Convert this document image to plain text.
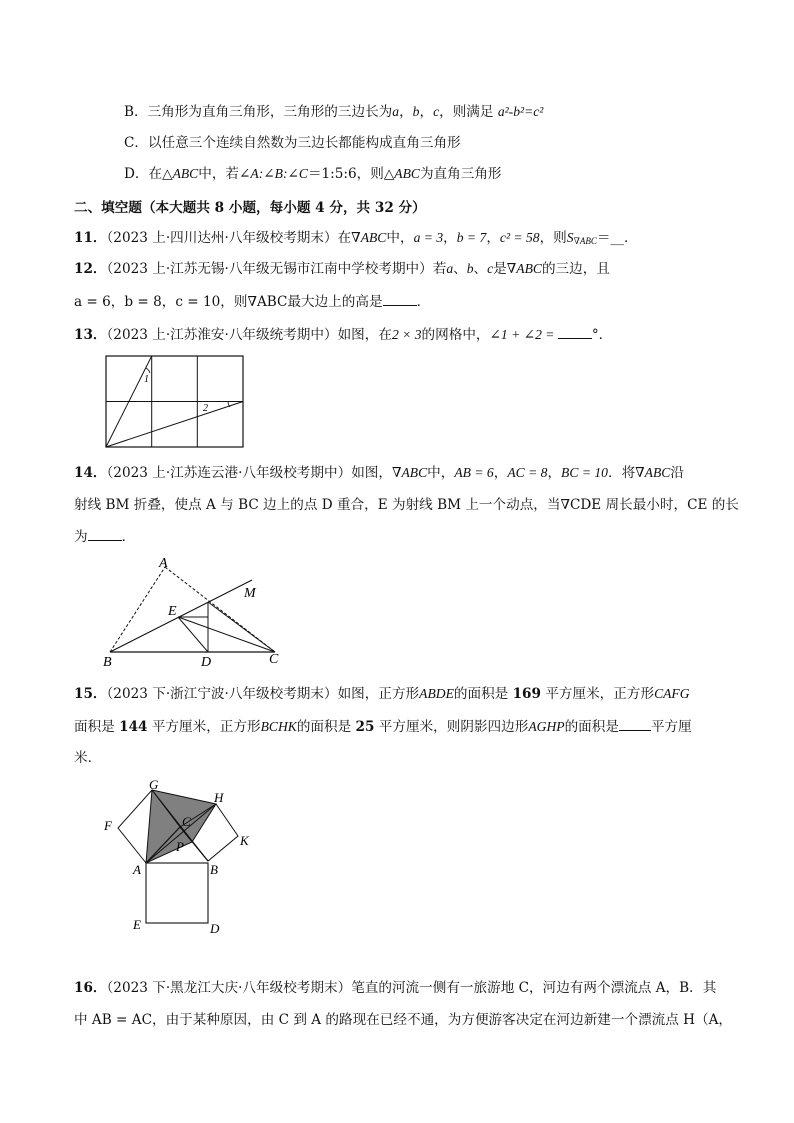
B．三角形为直角三角形，三角形的三边长为a，b，c，则满足 a²-b²=c²
C．以任意三个连续自然数为三边长都能构成直角三角形
D．在△ABC中，若∠A:∠B:∠C＝1:5:6，则△ABC为直角三角形
二、填空题（本大题共 8 小题，每小题 4 分，共 32 分）
11．（2023 上·四川达州·八年级校考期末）在∇ABC中，a = 3，b = 7，c² = 58，则$S_{\nabla ABC}=\_\_$．
12．（2023 上·江苏无锡·八年级无锡市江南中学校考期中）若a、b、c是∇ABC的三边，且
a = 6，b = 8，c = 10，则∇ABC最大边上的高是	．
13．（2023 上·江苏淮安·八年级统考期中）如图，在2 × 3的网格中，∠1 + ∠2 =	°．
1
2
14．（2023 上·江苏连云港·八年级校考期中）如图，∇ABC中，AB = 6，AC = 8，BC = 10．将∇ABC沿
射线 BM 折叠，使点 A 与 BC 边上的点 D 重合，E 为射线 BM 上一个动点，当∇CDE 周长最小时，CE 的长
为	．
A
M
E
B	D	C
15．（2023 下·浙江宁波·八年级校考期末）如图，正方形ABDE的面积是 169 平方厘米，正方形CAFG
面积是 144 平方厘米，正方形BCHK的面积是 25 平方厘米，则阴影四边形AGHP的面积是 平方厘
米．
G
H
F	C
P	K
A	B
E	D
16．（2023 下·黑龙江大庆·八年级校考期末）笔直的河流一侧有一旅游地 C，河边有两个漂流点 A，B．其
中 AB = AC，由于某种原因，由 C 到 A 的路现在已经不通，为方便游客决定在河边新建一个漂流点 H（A，
